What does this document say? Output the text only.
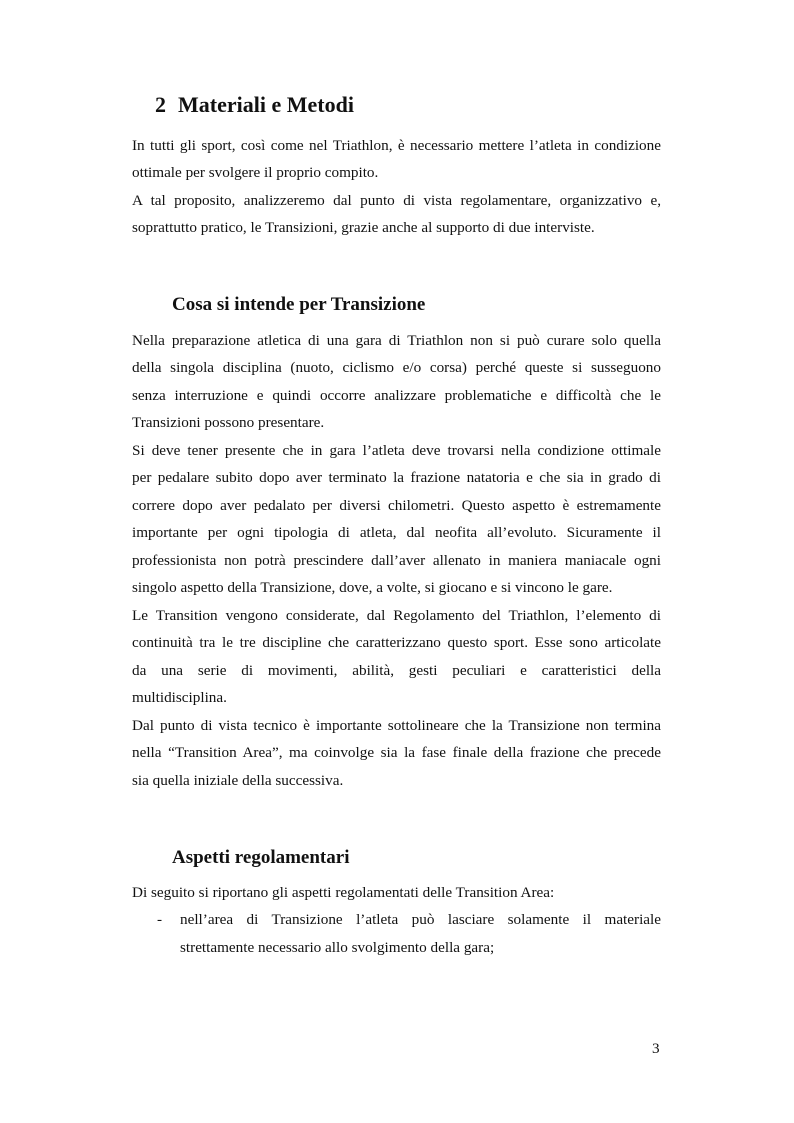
2 Materiali e Metodi
In tutti gli sport, così come nel Triathlon, è necessario mettere l’atleta in condizione
ottimale per svolgere il proprio compito.
A tal proposito, analizzeremo dal punto di vista regolamentare, organizzativo e,
soprattutto pratico, le Transizioni, grazie anche al supporto di due interviste.
Cosa si intende per Transizione
Nella preparazione atletica di una gara di Triathlon non si può curare solo quella
della singola disciplina (nuoto, ciclismo e/o corsa) perché queste si susseguono
senza interruzione e quindi occorre analizzare problematiche e difficoltà che le
Transizioni possono presentare.
Si deve tener presente che in gara l’atleta deve trovarsi nella condizione ottimale
per pedalare subito dopo aver terminato la frazione natatoria e che sia in grado di
correre dopo aver pedalato per diversi chilometri. Questo aspetto è estremamente
importante per ogni tipologia di atleta, dal neofita all’evoluto. Sicuramente il
professionista non potrà prescindere dall’aver allenato in maniera maniacale ogni
singolo aspetto della Transizione, dove, a volte, si giocano e si vincono le gare.
Le Transition vengono considerate, dal Regolamento del Triathlon, l’elemento di
continuità tra le tre discipline che caratterizzano questo sport. Esse sono articolate
da una serie di movimenti, abilità, gesti peculiari e caratteristici della
multidisciplina.
Dal punto di vista tecnico è importante sottolineare che la Transizione non termina
nella “Transition Area”, ma coinvolge sia la fase finale della frazione che precede
sia quella iniziale della successiva.
Aspetti regolamentari
Di seguito si riportano gli aspetti regolamentati delle Transition Area:
- nell’area di Transizione l’atleta può lasciare solamente il materiale
strettamente necessario allo svolgimento della gara;
3
